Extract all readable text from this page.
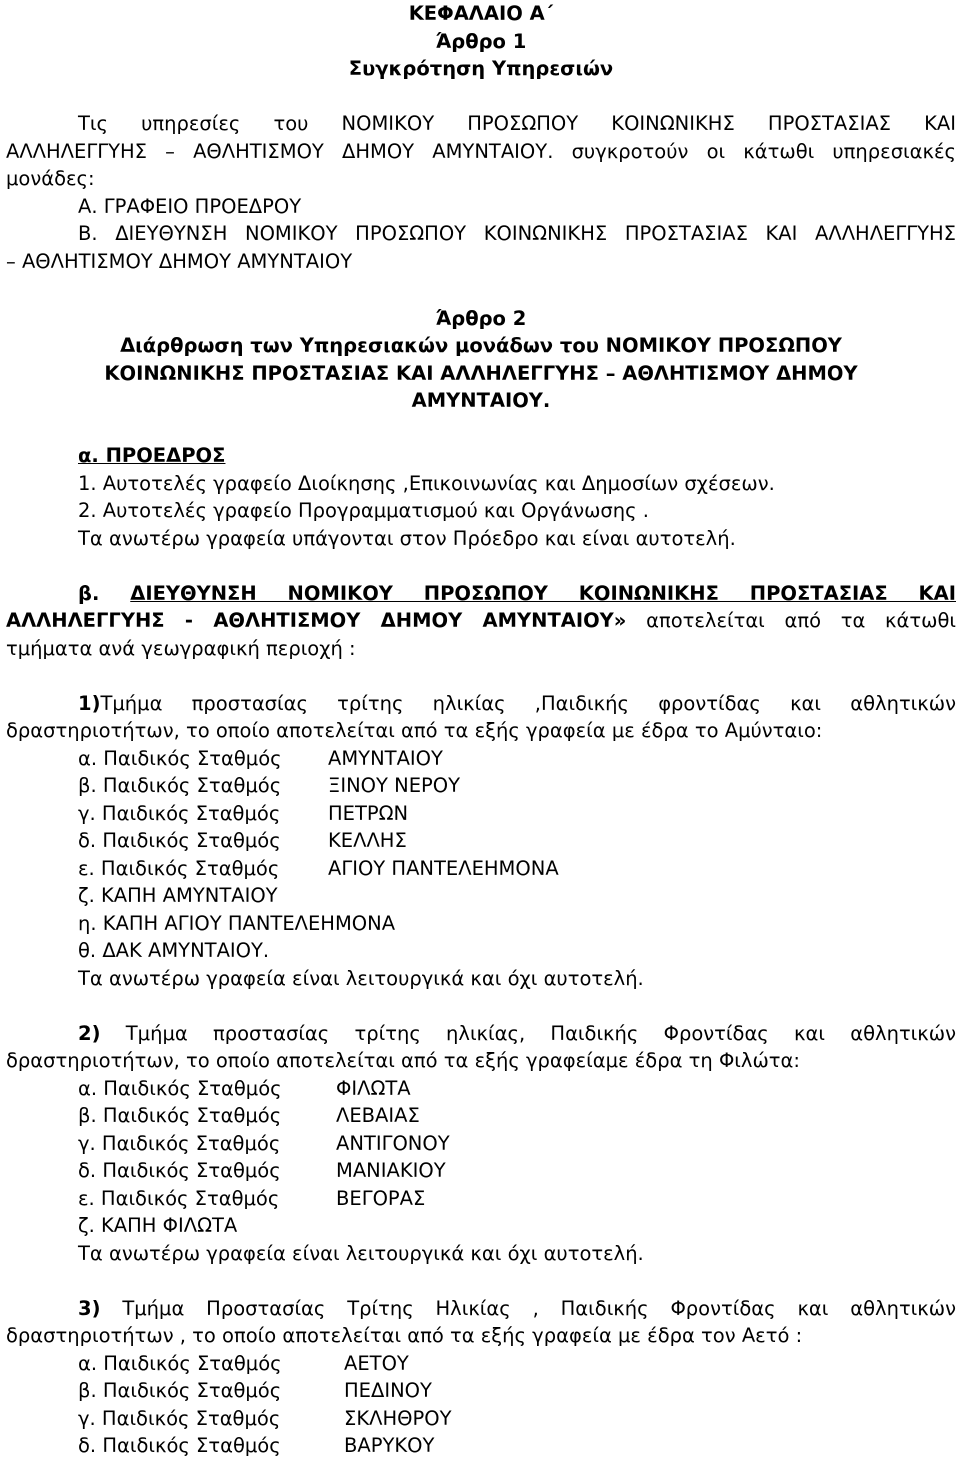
ΚΕΦΑΛΑΙΟ Α΄
Άρθρο 1
Συγκρότηση Υπηρεσιών
Τις υπηρεσίες του ΝΟΜΙΚΟΥ ΠΡΟΣΩΠΟΥ ΚΟΙΝΩΝΙΚΗΣ ΠΡΟΣΤΑΣΙΑΣ ΚΑΙ
ΑΛΛΗΛΕΓΓΥΗΣ – ΑΘΛΗΤΙΣΜΟΥ ΔΗΜΟΥ ΑΜΥΝΤΑΙΟΥ. συγκροτούν οι κάτωθι υπηρεσιακές
μονάδες:
Α. ΓΡΑΦΕΙΟ ΠΡΟΕΔΡΟΥ
Β. ΔΙΕΥΘΥΝΣΗ ΝΟΜΙΚΟΥ ΠΡΟΣΩΠΟΥ ΚΟΙΝΩΝΙΚΗΣ ΠΡΟΣΤΑΣΙΑΣ ΚΑΙ ΑΛΛΗΛΕΓΓΥΗΣ
– ΑΘΛΗΤΙΣΜΟΥ ΔΗΜΟΥ ΑΜΥΝΤΑΙΟΥ
Άρθρο 2
Διάρθρωση των Υπηρεσιακών μονάδων του ΝΟΜΙΚΟΥ ΠΡΟΣΩΠΟΥ
ΚΟΙΝΩΝΙΚΗΣ ΠΡΟΣΤΑΣΙΑΣ ΚΑΙ ΑΛΛΗΛΕΓΓΥΗΣ – ΑΘΛΗΤΙΣΜΟΥ ΔΗΜΟΥ
ΑΜΥΝΤΑΙΟΥ.
α. ΠΡΟΕΔΡΟΣ
1. Αυτοτελές γραφείο Διοίκησης ,Επικοινωνίας και Δημοσίων σχέσεων.
2. Αυτοτελές γραφείο Προγραμματισμού και Οργάνωσης .
Τα ανωτέρω γραφεία υπάγονται στον Πρόεδρο και είναι αυτοτελή.
β. ΔΙΕΥΘΥΝΣΗ ΝΟΜΙΚΟΥ ΠΡΟΣΩΠΟΥ ΚΟΙΝΩΝΙΚΗΣ ΠΡΟΣΤΑΣΙΑΣ ΚΑΙ
ΑΛΛΗΛΕΓΓΥΗΣ - ΑΘΛΗΤΙΣΜΟΥ ΔΗΜΟΥ ΑΜΥΝΤΑΙΟΥ» αποτελείται από τα κάτωθι
τμήματα ανά γεωγραφική περιοχή :
1)Τμήμα προστασίας τρίτης ηλικίας ,Παιδικής φροντίδας και αθλητικών
δραστηριοτήτων, το οποίο αποτελείται από τα εξής γραφεία με έδρα το Αμύνταιο:
α. Παιδικός Σταθμός	ΑΜΥΝΤΑΙΟΥ
β. Παιδικός Σταθμός	ΞΙΝΟΥ ΝΕΡΟΥ
γ. Παιδικός Σταθμός	ΠΕΤΡΩΝ
δ. Παιδικός Σταθμός	ΚΕΛΛΗΣ
ε. Παιδικός Σταθμός	ΑΓΙΟΥ ΠΑΝΤΕΛΕΗΜΟΝΑ
ζ. ΚΑΠΗ ΑΜΥΝΤΑΙΟΥ
η. ΚΑΠΗ ΑΓΙΟΥ ΠΑΝΤΕΛΕΗΜΟΝΑ
θ. ΔΑΚ ΑΜΥΝΤΑΙΟΥ.
Τα ανωτέρω γραφεία είναι λειτουργικά και όχι αυτοτελή.
2) Τμήμα προστασίας τρίτης ηλικίας, Παιδικής Φροντίδας και αθλητικών
δραστηριοτήτων, το οποίο αποτελείται από τα εξής γραφείαμε έδρα τη Φιλώτα:
α. Παιδικός Σταθμός	ΦΙΛΩΤΑ
β. Παιδικός Σταθμός	ΛΕΒΑΙΑΣ
γ. Παιδικός Σταθμός	ΑΝΤΙΓΟΝΟΥ
δ. Παιδικός Σταθμός	ΜΑΝΙΑΚΙΟΥ
ε. Παιδικός Σταθμός	ΒΕΓΟΡΑΣ
ζ. ΚΑΠΗ ΦΙΛΩΤΑ
Τα ανωτέρω γραφεία είναι λειτουργικά και όχι αυτοτελή.
3) Τμήμα Προστασίας Τρίτης Ηλικίας , Παιδικής Φροντίδας και αθλητικών
δραστηριοτήτων , το οποίο αποτελείται από τα εξής γραφεία με έδρα τον Αετό :
α. Παιδικός Σταθμός	ΑΕΤΟΥ
β. Παιδικός Σταθμός	ΠΕΔΙΝΟΥ
γ. Παιδικός Σταθμός	ΣΚΛΗΘΡΟΥ
δ. Παιδικός Σταθμός	ΒΑΡΥΚΟΥ
